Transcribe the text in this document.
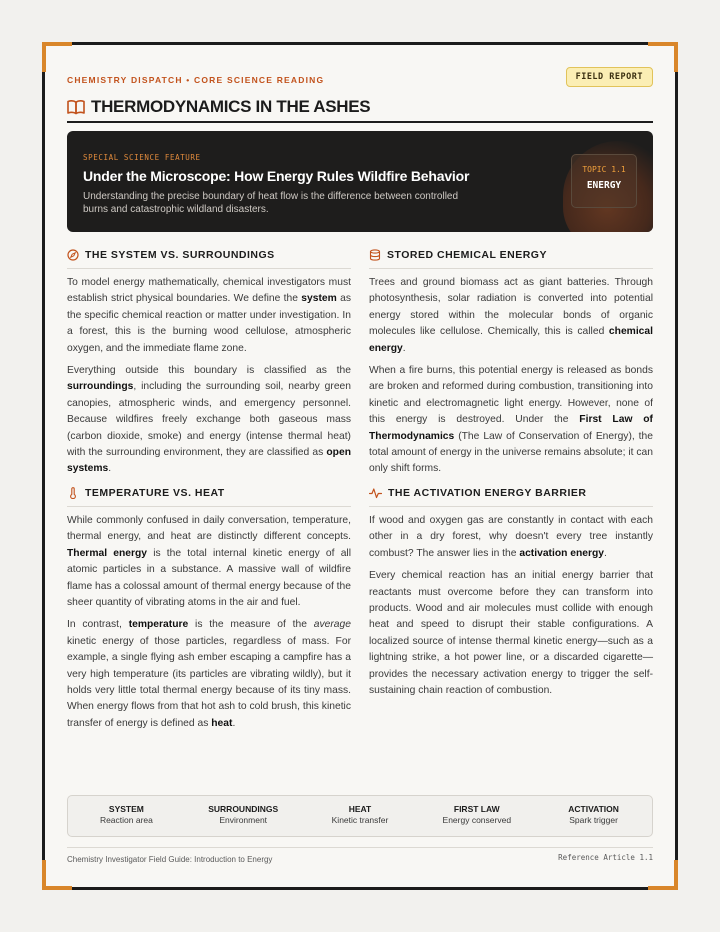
CHEMISTRY DISPATCH • CORE SCIENCE READING	FIELD REPORT
THERMODYNAMICS IN THE ASHES
SPECIAL SCIENCE FEATURE
Under the Microscope: How Energy Rules Wildfire Behavior
Understanding the precise boundary of heat flow is the difference between controlled burns and catastrophic wildland disasters.
TOPIC 1.1
ENERGY
THE SYSTEM VS. SURROUNDINGS

To model energy mathematically, chemical investigators must establish strict physical boundaries. We define the system as the specific chemical reaction or matter under investigation. In a forest, this is the burning wood cellulose, atmospheric oxygen, and the immediate flame zone.

Everything outside this boundary is classified as the surroundings, including the surrounding soil, nearby green canopies, atmospheric winds, and emergency personnel. Because wildfires freely exchange both gaseous mass (carbon dioxide, smoke) and energy (intense thermal heat) with the surrounding environment, they are classified as open systems.

STORED CHEMICAL ENERGY

Trees and ground biomass act as giant batteries. Through photosynthesis, solar radiation is converted into potential energy stored within the molecular bonds of organic molecules like cellulose. Chemically, this is called chemical energy.

When a fire burns, this potential energy is released as bonds are broken and reformed during combustion, transitioning into kinetic and electromagnetic light energy. However, none of this energy is destroyed. Under the First Law of Thermodynamics (The Law of Conservation of Energy), the total amount of energy in the universe remains absolute; it can only shift forms.

TEMPERATURE VS. HEAT

While commonly confused in daily conversation, temperature, thermal energy, and heat are distinctly different concepts. Thermal energy is the total internal kinetic energy of all atomic particles in a substance. A massive wall of wildfire flame has a colossal amount of thermal energy because of the sheer quantity of vibrating atoms in the air and fuel.

In contrast, temperature is the measure of the average kinetic energy of those particles, regardless of mass. For example, a single flying ash ember escaping a campfire has a very high temperature (its particles are vibrating wildly), but it holds very little total thermal energy because of its tiny mass. When energy flows from that hot ash to cold brush, this kinetic transfer of energy is defined as heat.

THE ACTIVATION ENERGY BARRIER

If wood and oxygen gas are constantly in contact with each other in a dry forest, why doesn't every tree instantly combust? The answer lies in the activation energy.

Every chemical reaction has an initial energy barrier that reactants must overcome before they can transform into products. Wood and air molecules must collide with enough heat and speed to disrupt their stable configurations. A localized source of intense thermal kinetic energy—such as a lightning strike, a hot power line, or a discarded cigarette—provides the necessary activation energy to trigger the self-sustaining chain reaction of combustion.

SYSTEM
Reaction area
SURROUNDINGS
Environment
HEAT
Kinetic transfer
FIRST LAW
Energy conserved
ACTIVATION
Spark trigger
Chemistry Investigator Field Guide: Introduction to Energy	Reference Article 1.1
